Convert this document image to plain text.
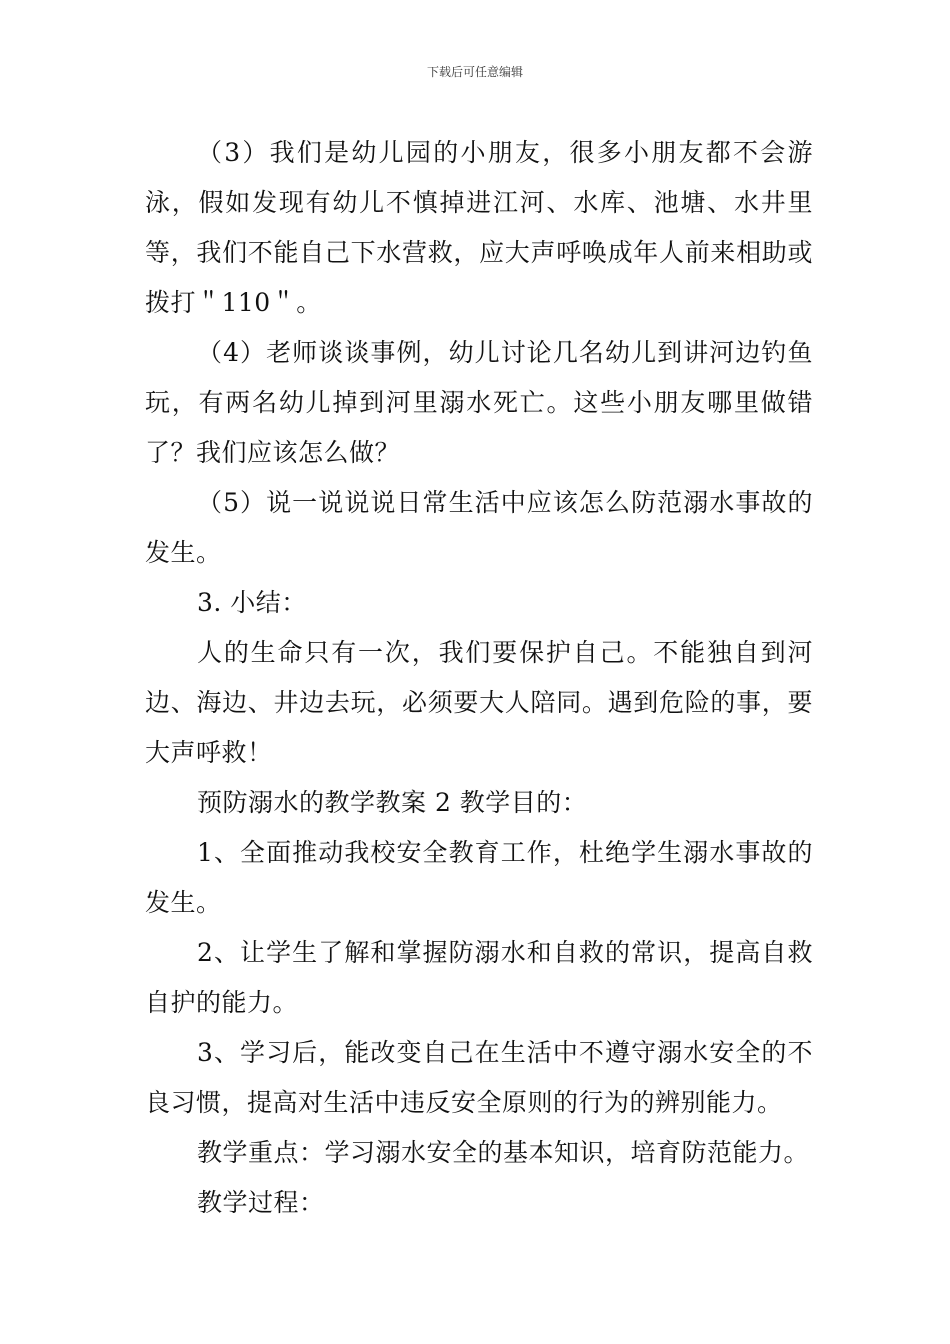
下载后可任意编辑

（3）我们是幼儿园的小朋友，很多小朋友都不会游泳，假如发现有幼儿不慎掉进江河、水库、池塘、水井里等，我们不能自己下水营救，应大声呼唤成年人前来相助或拨打＂110＂。

（4）老师谈谈事例，幼儿讨论几名幼儿到讲河边钓鱼玩，有两名幼儿掉到河里溺水死亡。这些小朋友哪里做错了？我们应该怎么做？

（5）说一说说说日常生活中应该怎么防范溺水事故的发生。

3. 小结：

人的生命只有一次，我们要保护自己。不能独自到河边、海边、井边去玩，必须要大人陪同。遇到危险的事，要大声呼救！

预防溺水的教学教案 2 教学目的：

1、全面推动我校安全教育工作，杜绝学生溺水事故的发生。

2、让学生了解和掌握防溺水和自救的常识，提高自救自护的能力。

3、学习后，能改变自己在生活中不遵守溺水安全的不良习惯，提高对生活中违反安全原则的行为的辨别能力。

教学重点：学习溺水安全的基本知识，培育防范能力。

教学过程：
